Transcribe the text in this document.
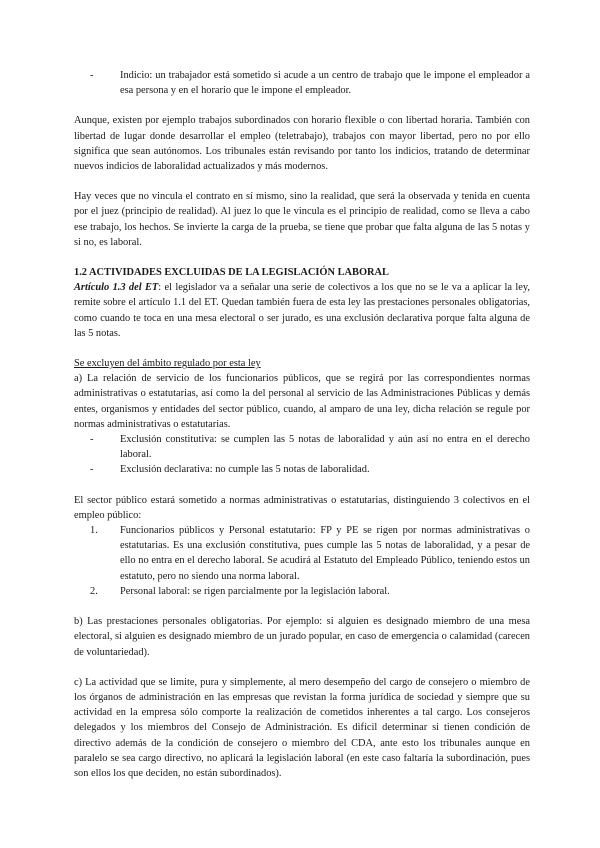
-	Indicio: un trabajador está sometido si acude a un centro de trabajo que le impone el empleador a esa persona y en el horario que le impone el empleador.

Aunque, existen por ejemplo trabajos subordinados con horario flexible o con libertad horaria. También con libertad de lugar donde desarrollar el empleo (teletrabajo), trabajos con mayor libertad, pero no por ello significa que sean autónomos. Los tribunales están revisando por tanto los indicios, tratando de determinar nuevos indicios de laboralidad actualizados y más modernos.

Hay veces que no vincula el contrato en sí mismo, sino la realidad, que será la observada y tenida en cuenta por el juez (principio de realidad). Al juez lo que le vincula es el principio de realidad, como se lleva a cabo ese trabajo, los hechos. Se invierte la carga de la prueba, se tiene que probar que falta alguna de las 5 notas y si no, es laboral.

1.2 ACTIVIDADES EXCLUIDAS DE LA LEGISLACIÓN LABORAL

Artículo 1.3 del ET: el legislador va a señalar una serie de colectivos a los que no se le va a aplicar la ley, remite sobre el artículo 1.1 del ET. Quedan también fuera de esta ley las prestaciones personales obligatorias, como cuando te toca en una mesa electoral o ser jurado, es una exclusión declarativa porque falta alguna de las 5 notas.

Se excluyen del ámbito regulado por esta ley

a) La relación de servicio de los funcionarios públicos, que se regirá por las correspondientes normas administrativas o estatutarias, así como la del personal al servicio de las Administraciones Públicas y demás entes, organismos y entidades del sector público, cuando, al amparo de una ley, dicha relación se regule por normas administrativas o estatutarias.

-	Exclusión constitutiva: se cumplen las 5 notas de laboralidad y aún así no entra en el derecho laboral.
-	Exclusión declarativa: no cumple las 5 notas de laboralidad.

El sector público estará sometido a normas administrativas o estatutarias, distinguiendo 3 colectivos en el empleo público:

1. Funcionarios públicos y Personal estatutario: FP y PE se rigen por normas administrativas o estatutarias. Es una exclusión constitutiva, pues cumple las 5 notas de laboralidad, y a pesar de ello no entra en el derecho laboral. Se acudirá al Estatuto del Empleado Público, teniendo estos un estatuto, pero no siendo una norma laboral.
2. Personal laboral: se rigen parcialmente por la legislación laboral.

b) Las prestaciones personales obligatorias. Por ejemplo: si alguien es designado miembro de una mesa electoral, si alguien es designado miembro de un jurado popular, en caso de emergencia o calamidad (carecen de voluntariedad).

c) La actividad que se limite, pura y simplemente, al mero desempeño del cargo de consejero o miembro de los órganos de administración en las empresas que revistan la forma jurídica de sociedad y siempre que su actividad en la empresa sólo comporte la realización de cometidos inherentes a tal cargo. Los consejeros delegados y los miembros del Consejo de Administración. Es difícil determinar si tienen condición de directivo además de la condición de consejero o miembro del CDA, ante esto los tribunales aunque en paralelo se sea cargo directivo, no aplicará la legislación laboral (en este caso faltaría la subordinación, pues son ellos los que deciden, no están subordinados).
